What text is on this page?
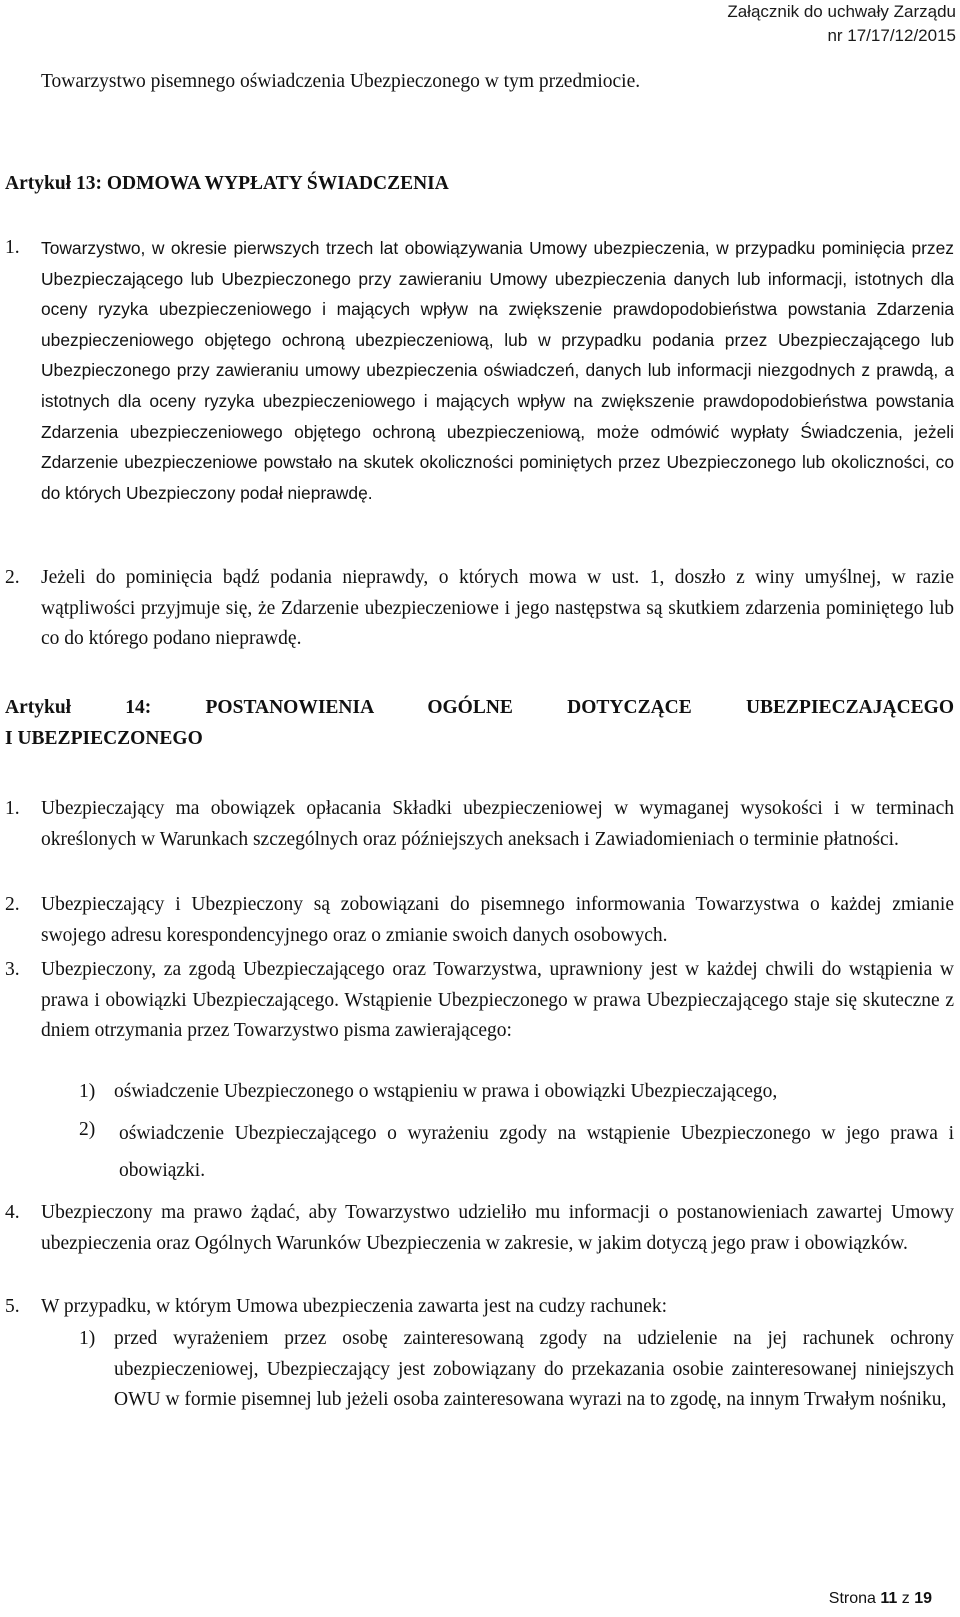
Załącznik do uchwały Zarządu
nr 17/17/12/2015

Towarzystwo pisemnego oświadczenia Ubezpieczonego w tym przedmiocie.

Artykuł 13: ODMOWA WYPŁATY ŚWIADCZENIA
1. Towarzystwo, w okresie pierwszych trzech lat obowiązywania Umowy ubezpieczenia, w przypadku pominięcia przez Ubezpieczającego lub Ubezpieczonego przy zawieraniu Umowy ubezpieczenia danych lub informacji, istotnych dla oceny ryzyka ubezpieczeniowego i mających wpływ na zwiększenie prawdopodobieństwa powstania Zdarzenia ubezpieczeniowego objętego ochroną ubezpieczeniową, lub w przypadku podania przez Ubezpieczającego lub Ubezpieczonego przy zawieraniu umowy ubezpieczenia oświadczeń, danych lub informacji niezgodnych z prawdą, a istotnych dla oceny ryzyka ubezpieczeniowego i mających wpływ na zwiększenie prawdopodobieństwa powstania Zdarzenia ubezpieczeniowego objętego ochroną ubezpieczeniową, może odmówić wypłaty Świadczenia, jeżeli Zdarzenie ubezpieczeniowe powstało na skutek okoliczności pominiętych przez Ubezpieczonego lub okoliczności, co do których Ubezpieczony podał nieprawdę.

2. Jeżeli do pominięcia bądź podania nieprawdy, o których mowa w ust. 1, doszło z winy umyślnej, w razie wątpliwości przyjmuje się, że Zdarzenie ubezpieczeniowe i jego następstwa są skutkiem zdarzenia pominiętego lub co do którego podano nieprawdę.

Artykuł 14: POSTANOWIENIA OGÓLNE DOTYCZĄCE UBEZPIECZAJĄCEGO
I UBEZPIECZONEGO
1. Ubezpieczający ma obowiązek opłacania Składki ubezpieczeniowej w wymaganej wysokości i w terminach określonych w Warunkach szczególnych oraz późniejszych aneksach i Zawiadomieniach o terminie płatności.

2. Ubezpieczający i Ubezpieczony są zobowiązani do pisemnego informowania Towarzystwa o każdej zmianie swojego adresu korespondencyjnego oraz o zmianie swoich danych osobowych.

3. Ubezpieczony, za zgodą Ubezpieczającego oraz Towarzystwa, uprawniony jest w każdej chwili do wstąpienia w prawa i obowiązki Ubezpieczającego. Wstąpienie Ubezpieczonego w prawa Ubezpieczającego staje się skuteczne z dniem otrzymania przez Towarzystwo pisma zawierającego:

1) oświadczenie Ubezpieczonego o wstąpieniu w prawa i obowiązki Ubezpieczającego,

2) oświadczenie Ubezpieczającego o wyrażeniu zgody na wstąpienie Ubezpieczonego w jego prawa i obowiązki.

4. Ubezpieczony ma prawo żądać, aby Towarzystwo udzieliło mu informacji o postanowieniach zawartej Umowy ubezpieczenia oraz Ogólnych Warunków Ubezpieczenia w zakresie, w jakim dotyczą jego praw i obowiązków.

5. W przypadku, w którym Umowa ubezpieczenia zawarta jest na cudzy rachunek:

1) przed wyrażeniem przez osobę zainteresowaną zgody na udzielenie na jej rachunek ochrony ubezpieczeniowej, Ubezpieczający jest zobowiązany do przekazania osobie zainteresowanej niniejszych OWU w formie pisemnej lub jeżeli osoba zainteresowana wyrazi na to zgodę, na innym Trwałym nośniku,

Strona 11 z 19
